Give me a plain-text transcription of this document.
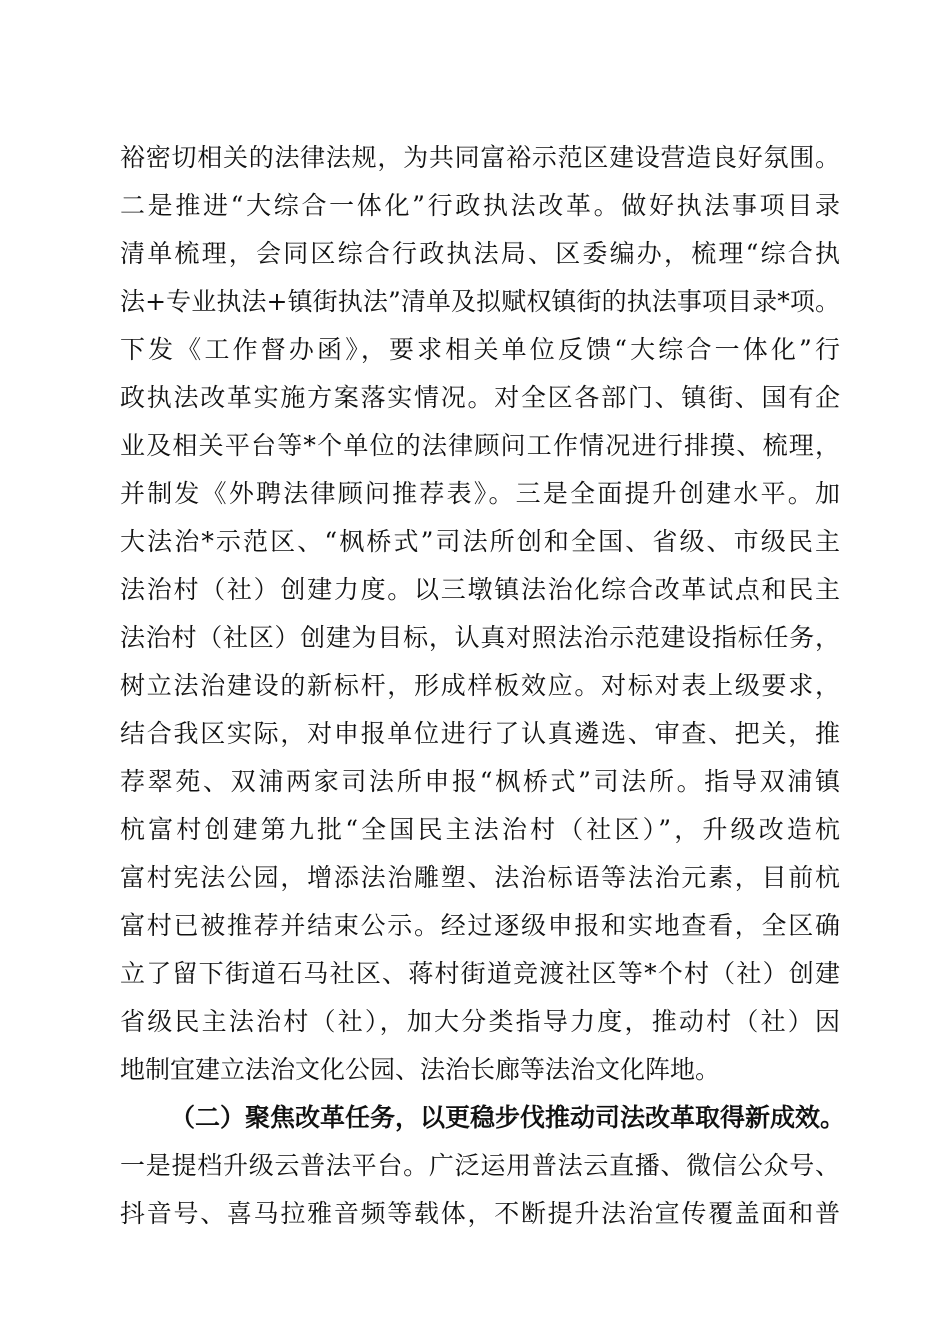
裕密切相关的法律法规，为共同富裕示范区建设营造良好氛围。
二是推进“大综合一体化”行政执法改革。做好执法事项目录
清单梳理，会同区综合行政执法局、区委编办，梳理“综合执
法+专业执法+镇街执法”清单及拟赋权镇街的执法事项目录*项。
下发《工作督办函》，要求相关单位反馈“大综合一体化”行
政执法改革实施方案落实情况。对全区各部门、镇街、国有企
业及相关平台等*个单位的法律顾问工作情况进行排摸、梳理，
并制发《外聘法律顾问推荐表》。三是全面提升创建水平。加
大法治*示范区、“枫桥式”司法所创和全国、省级、市级民主
法治村（社）创建力度。以三墩镇法治化综合改革试点和民主
法治村（社区）创建为目标，认真对照法治示范建设指标任务，
树立法治建设的新标杆，形成样板效应。对标对表上级要求，
结合我区实际，对申报单位进行了认真遴选、审查、把关，推
荐翠苑、双浦两家司法所申报“枫桥式”司法所。指导双浦镇
杭富村创建第九批“全国民主法治村（社区）”，升级改造杭
富村宪法公园，增添法治雕塑、法治标语等法治元素，目前杭
富村已被推荐并结束公示。经过逐级申报和实地查看，全区确
立了留下街道石马社区、蒋村街道竞渡社区等*个村（社）创建
省级民主法治村（社），加大分类指导力度，推动村（社）因
地制宜建立法治文化公园、法治长廊等法治文化阵地。
（二）聚焦改革任务，以更稳步伐推动司法改革取得新成效。
一是提档升级云普法平台。广泛运用普法云直播、微信公众号、
抖音号、喜马拉雅音频等载体，不断提升法治宣传覆盖面和普
